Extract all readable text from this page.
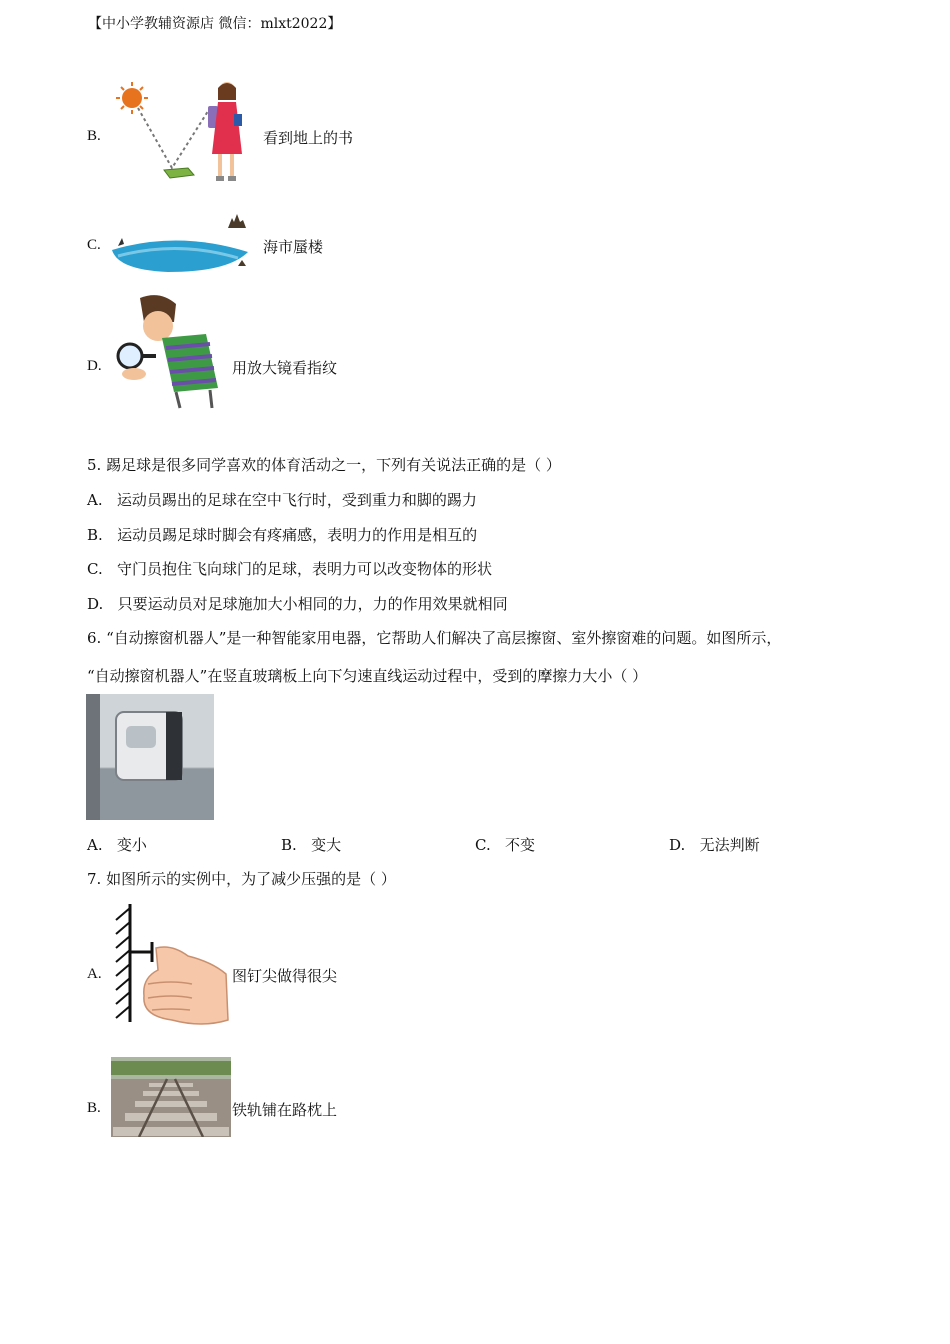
【中小学教辅资源店 微信：mlxt2022】
B.	看到地上的书
C.	海市蜃楼
D.	用放大镜看指纹
5. 踢足球是很多同学喜欢的体育活动之一，下列有关说法正确的是（ ）
A. 运动员踢出的足球在空中飞行时，受到重力和脚的踢力
B. 运动员踢足球时脚会有疼痛感，表明力的作用是相互的
C. 守门员抱住飞向球门的足球，表明力可以改变物体的形状
D. 只要运动员对足球施加大小相同的力，力的作用效果就相同
6. “自动擦窗机器人”是一种智能家用电器，它帮助人们解决了高层擦窗、室外擦窗难的问题。如图所示，
“自动擦窗机器人”在竖直玻璃板上向下匀速直线运动过程中，受到的摩擦力大小（ ）
A. 变小	B. 变大	C. 不变	D. 无法判断
7. 如图所示的实例中，为了减少压强的是（ ）
A.	图钉尖做得很尖
B.	铁轨铺在路枕上
